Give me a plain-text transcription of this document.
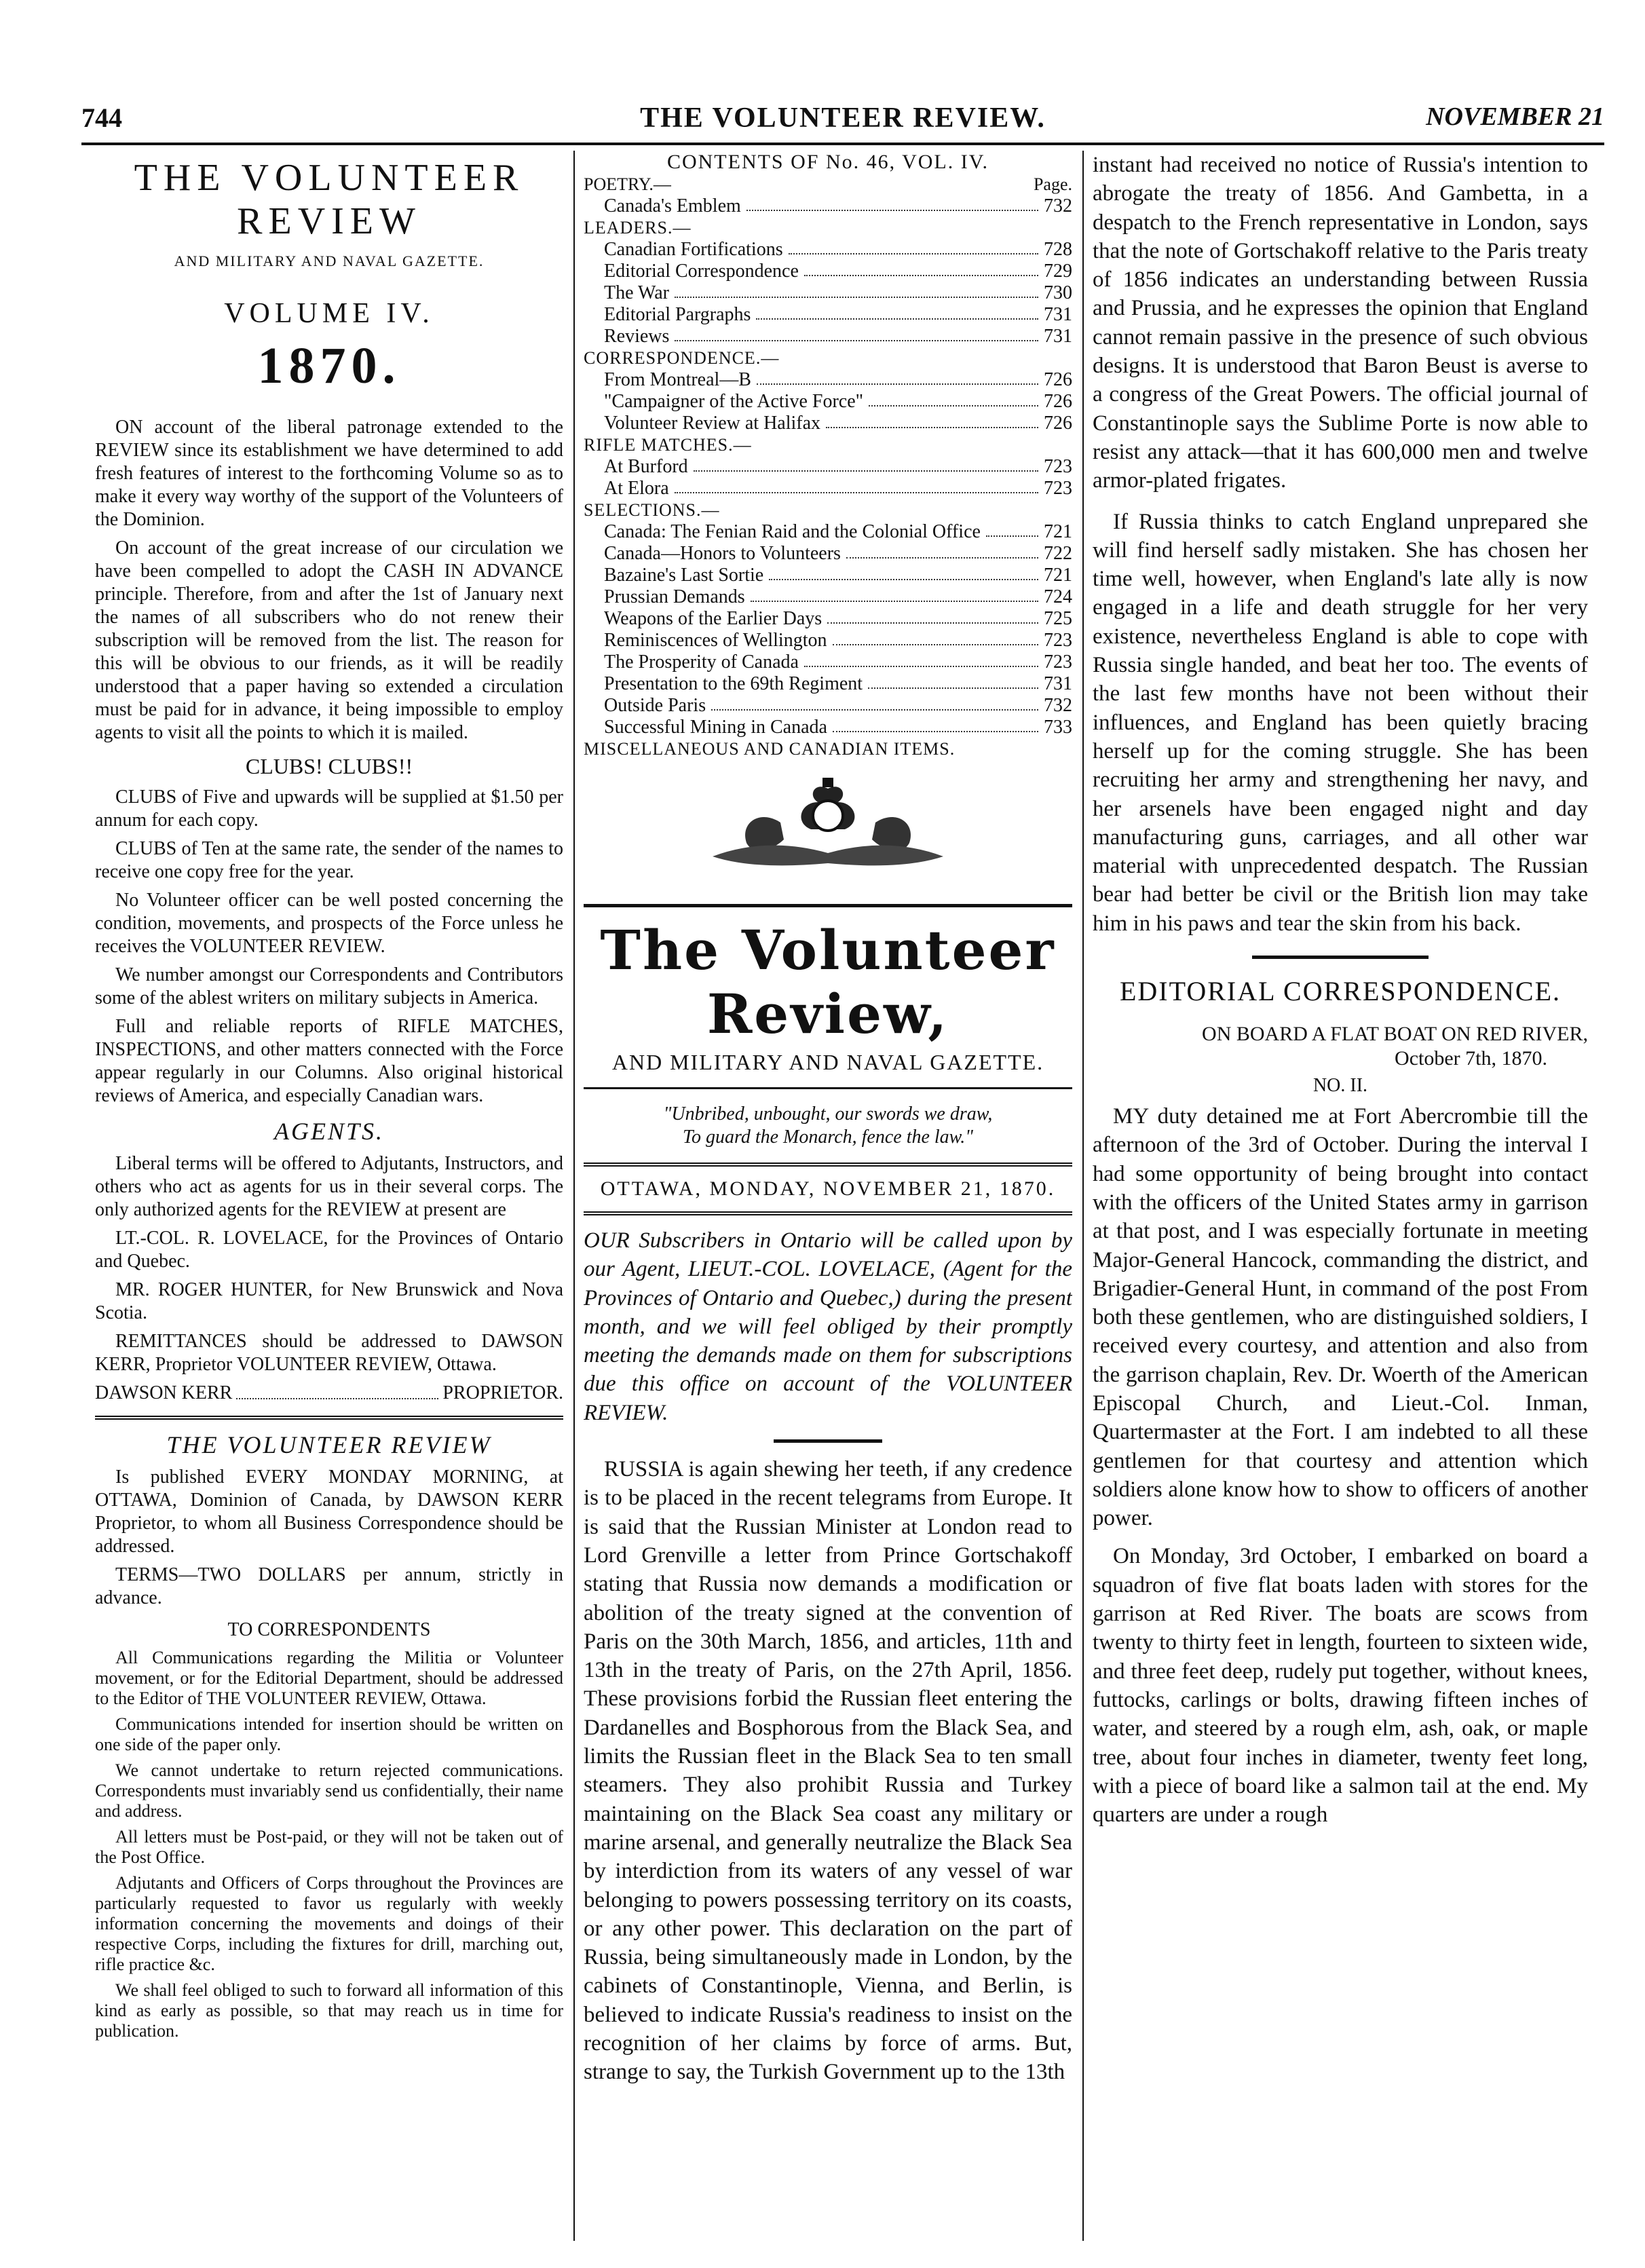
744	THE VOLUNTEER REVIEW.	NOVEMBER 21
THE VOLUNTEER REVIEW
AND MILITARY AND NAVAL GAZETTE.
VOLUME IV.
1870.

ON account of the liberal patronage extended to the REVIEW since its establishment we have determined to add fresh features of interest to the forthcoming Volume so as to make it every way worthy of the support of the Volunteers of the Dominion.

On account of the great increase of our circulation we have been compelled to adopt the CASH IN ADVANCE principle. Therefore, from and after the 1st of January next the names of all subscribers who do not renew their subscription will be removed from the list. The reason for this will be obvious to our friends, as it will be readily understood that a paper having so extended a circulation must be paid for in advance, it being impossible to employ agents to visit all the points to which it is mailed.

CLUBS! CLUBS!!

CLUBS of Five and upwards will be supplied at $1.50 per annum for each copy.

CLUBS of Ten at the same rate, the sender of the names to receive one copy free for the year.

No Volunteer officer can be well posted concerning the condition, movements, and prospects of the Force unless he receives the VOLUNTEER REVIEW.

We number amongst our Correspondents and Contributors some of the ablest writers on military subjects in America.

Full and reliable reports of RIFLE MATCHES, INSPECTIONS, and other matters connected with the Force appear regularly in our Columns. Also original historical reviews of America, and especially Canadian wars.

AGENTS.

Liberal terms will be offered to Adjutants, Instructors, and others who act as agents for us in their several corps. The only authorized agents for the REVIEW at present are

LT.-COL. R. LOVELACE, for the Provinces of Ontario and Quebec.

MR. ROGER HUNTER, for New Brunswick and Nova Scotia.

REMITTANCES should be addressed to DAWSON KERR, Proprietor VOLUNTEER REVIEW, Ottawa.

DAWSON KERR	PROPRIETOR.

THE VOLUNTEER REVIEW

Is published EVERY MONDAY MORNING, at OTTAWA, Dominion of Canada, by DAWSON KERR Proprietor, to whom all Business Correspondence should be addressed.

TERMS—TWO DOLLARS per annum, strictly in advance.

TO CORRESPONDENTS

All Communications regarding the Militia or Volunteer movement, or for the Editorial Department, should be addressed to the Editor of THE VOLUNTEER REVIEW, Ottawa.

Communications intended for insertion should be written on one side of the paper only.

We cannot undertake to return rejected communications. Correspondents must invariably send us confidentially, their name and address.

All letters must be Post-paid, or they will not be taken out of the Post Office.

Adjutants and Officers of Corps throughout the Provinces are particularly requested to favor us regularly with weekly information concerning the movements and doings of their respective Corps, including the fixtures for drill, marching out, rifle practice &c.

We shall feel obliged to such to forward all information of this kind as early as possible, so that may reach us in time for publication.

CONTENTS OF No. 46, VOL. IV.
POETRY.—	Page.
Canada's Emblem	732
LEADERS.—
Canadian Fortifications	728
Editorial Correspondence	729
The War	730
Editorial Pargraphs	731
Reviews	731
CORRESPONDENCE.—
From Montreal—B	726
"Campaigner of the Active Force"	726
Volunteer Review at Halifax	726
RIFLE MATCHES.—
At Burford	723
At Elora	723
SELECTIONS.—
Canada: The Fenian Raid and the Colonial Office	721
Canada—Honors to Volunteers	722
Bazaine's Last Sortie	721
Prussian Demands	724
Weapons of the Earlier Days	725
Reminiscences of Wellington	723
The Prosperity of Canada	723
Presentation to the 69th Regiment	731
Outside Paris	732
Successful Mining in Canada	733
MISCELLANEOUS AND CANADIAN ITEMS.
The Volunteer Review,
AND MILITARY AND NAVAL GAZETTE.
"Unbribed, unbought, our swords we draw,
To guard the Monarch, fence the law."
OTTAWA, MONDAY, NOVEMBER 21, 1870.
OUR Subscribers in Ontario will be called upon by our Agent, LIEUT.-COL. LOVELACE, (Agent for the Provinces of Ontario and Quebec,) during the present month, and we will feel obliged by their promptly meeting the demands made on them for subscriptions due this office on account of the VOLUNTEER REVIEW.
RUSSIA is again shewing her teeth, if any credence is to be placed in the recent telegrams from Europe. It is said that the Russian Minister at London read to Lord Grenville a letter from Prince Gortschakoff stating that Russia now demands a modification or abolition of the treaty signed at the convention of Paris on the 30th March, 1856, and articles, 11th and 13th in the treaty of Paris, on the 27th April, 1856. These provisions forbid the Russian fleet entering the Dardanelles and Bosphorous from the Black Sea, and limits the Russian fleet in the Black Sea to ten small steamers. They also prohibit Russia and Turkey maintaining on the Black Sea coast any military or marine arsenal, and generally neutralize the Black Sea by interdiction from its waters of any vessel of war belonging to powers possessing territory on its coasts, or any other power. This declaration on the part of Russia, being simultaneously made in London, by the cabinets of Constantinople, Vienna, and Berlin, is believed to indicate Russia's readiness to insist on the recognition of her claims by force of arms. But, strange to say, the Turkish Government up to the 13th
instant had received no notice of Russia's intention to abrogate the treaty of 1856. And Gambetta, in a despatch to the French representative in London, says that the note of Gortschakoff relative to the Paris treaty of 1856 indicates an understanding between Russia and Prussia, and he expresses the opinion that England cannot remain passive in the presence of such obvious designs. It is understood that Baron Beust is averse to a congress of the Great Powers. The official journal of Constantinople says the Sublime Porte is now able to resist any attack—that it has 600,000 men and twelve armor-plated frigates.
If Russia thinks to catch England unprepared she will find herself sadly mistaken. She has chosen her time well, however, when England's late ally is now engaged in a life and death struggle for her very existence, nevertheless England is able to cope with Russia single handed, and beat her too. The events of the last few months have not been without their influences, and England has been quietly bracing herself up for the coming struggle. She has been recruiting her army and strengthening her navy, and her arsenels have been engaged night and day manufacturing guns, carriages, and all other war material with unprecedented despatch. The Russian bear had better be civil or the British lion may take him in his paws and tear the skin from his back.
EDITORIAL CORRESPONDENCE.
ON BOARD A FLAT BOAT ON RED RIVER,
October 7th, 1870.
NO. II.
MY duty detained me at Fort Abercrombie till the afternoon of the 3rd of October. During the interval I had some opportunity of being brought into contact with the officers of the United States army in garrison at that post, and I was especially fortunate in meeting Major-General Hancock, commanding the district, and Brigadier-General Hunt, in command of the post From both these gentlemen, who are distinguished soldiers, I received every courtesy, and attention and also from the garrison chaplain, Rev. Dr. Woerth of the American Episcopal Church, and Lieut.-Col. Inman, Quartermaster at the Fort. I am indebted to all these gentlemen for that courtesy and attention which soldiers alone know how to show to officers of another power.
On Monday, 3rd October, I embarked on board a squadron of five flat boats laden with stores for the garrison at Red River. The boats are scows from twenty to thirty feet in length, fourteen to sixteen wide, and three feet deep, rudely put together, without knees, futtocks, carlings or bolts, drawing fifteen inches of water, and steered by a rough elm, ash, oak, or maple tree, about four inches in diameter, twenty feet long, with a piece of board like a salmon tail at the end. My quarters are under a rough
